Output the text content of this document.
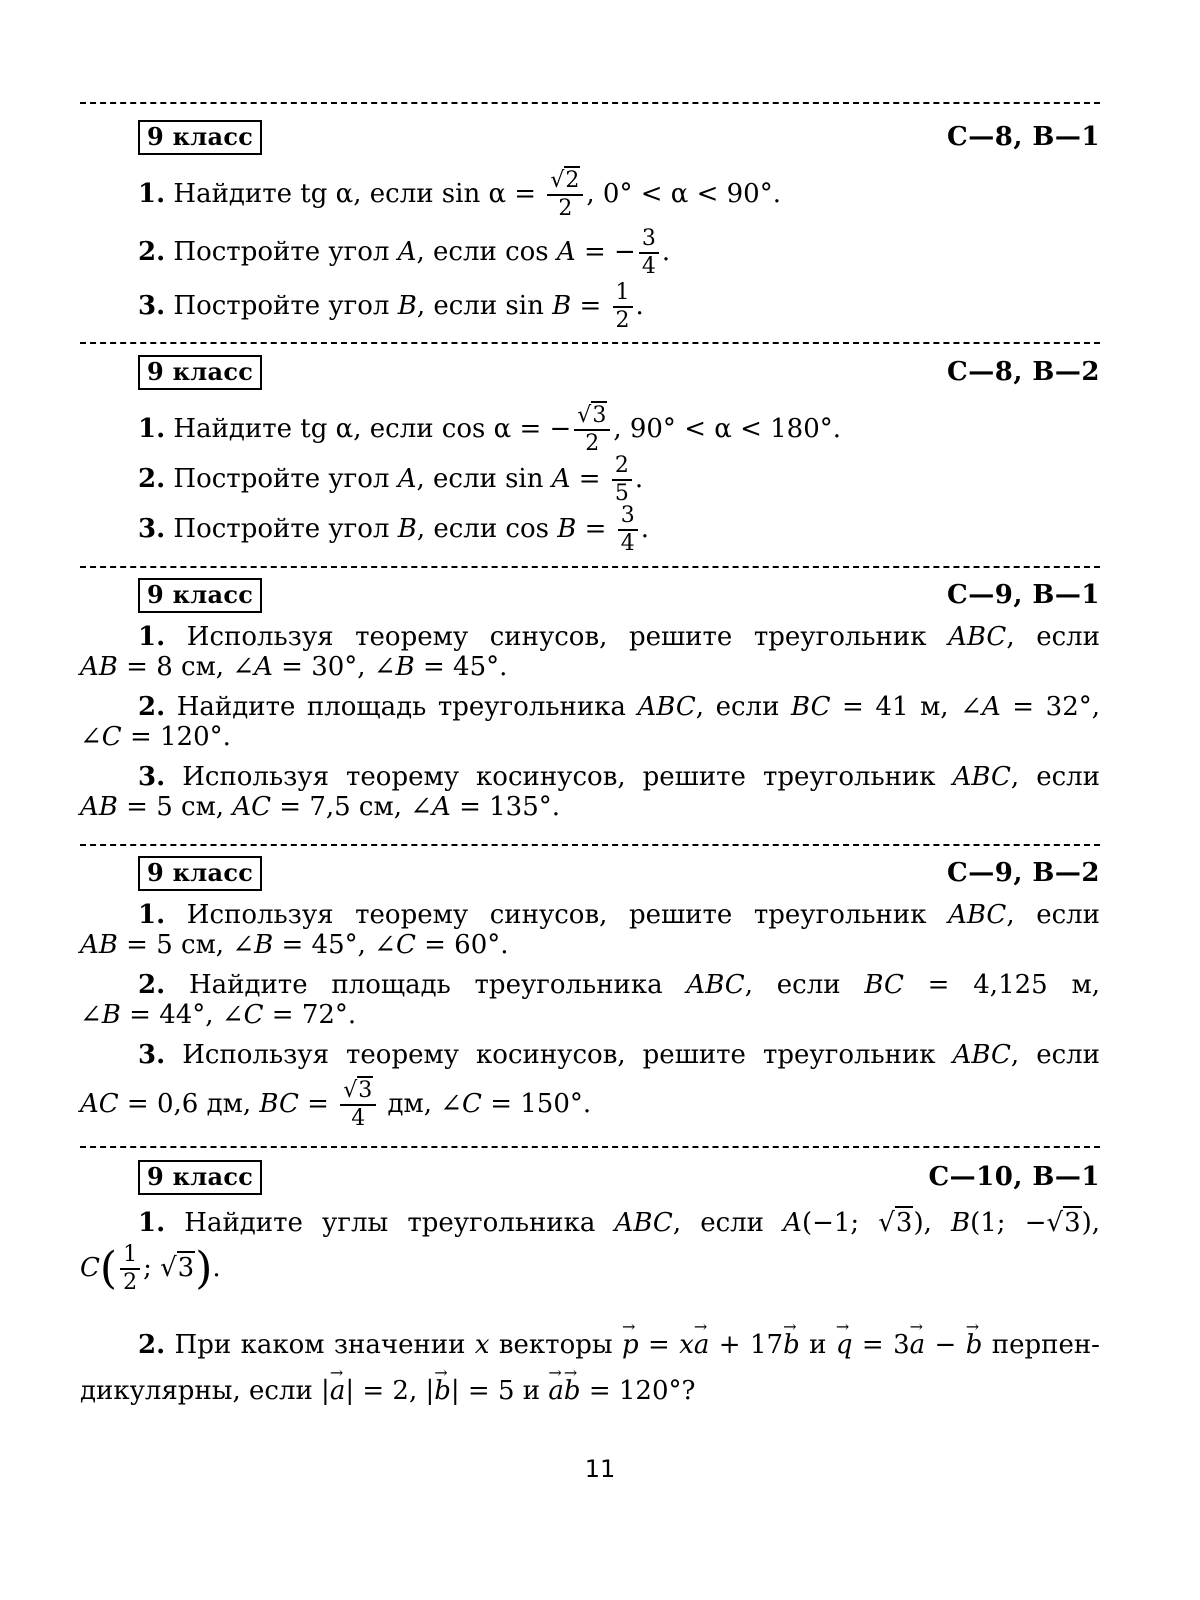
9 класс	С—8, В—1
1. Найдите tg α, если $\sin \alpha = \frac{√2}{2}$ , 0° < α < 90°.
2. Постройте угол A, если cos A = − $\frac{3}{4}$ .
3. Постройте угол B, если $\sin B = \frac{1}{2}$ .
9 класс	С—8, В—2
1. Найдите tg α, если cos α = − $\frac{√3}{2}$ , 90° < α < 180°.
2. Постройте угол A, если $\sin A = \frac{2}{5}$ .
3. Постройте угол B, если $\cos B = \frac{3}{4}$ .
9 класс	С—9, В—1
1. Используя теорему синусов, решите треугольник ABC, если
AB = 8 см, ∠A = 30°, ∠B = 45°.
2. Найдите площадь треугольника ABC, если BC = 41 м, ∠A = 32°,
∠C = 120°.
3. Используя теорему косинусов, решите треугольник ABC, если
AB = 5 см, AC = 7,5 см, ∠A = 135°.
9 класс	С—9, В—2
1. Используя теорему синусов, решите треугольник ABC, если
AB = 5 см, ∠B = 45°, ∠C = 60°.
2. Найдите площадь треугольника ABC, если BC = 4,125 м,
∠B = 44°, ∠C = 72°.
3. Используя теорему косинусов, решите треугольник ABC, если
AC = 0,6 дм, BC = $\frac{√3}{4}$ дм, ∠C = 150°.
9 класс	С—10, В—1
1. Найдите углы треугольника ABC, если A(−1; √3), B(1; −√3),
$C( \frac{1}{2}$ ; √3).
2. При каком значении x векторы → p = x→ a + 17→ b и → q = 3→ a − → b перпен-
дикулярны, если |→ a| = 2, |→ b| = 5 и → a→ b = 120°?
11
